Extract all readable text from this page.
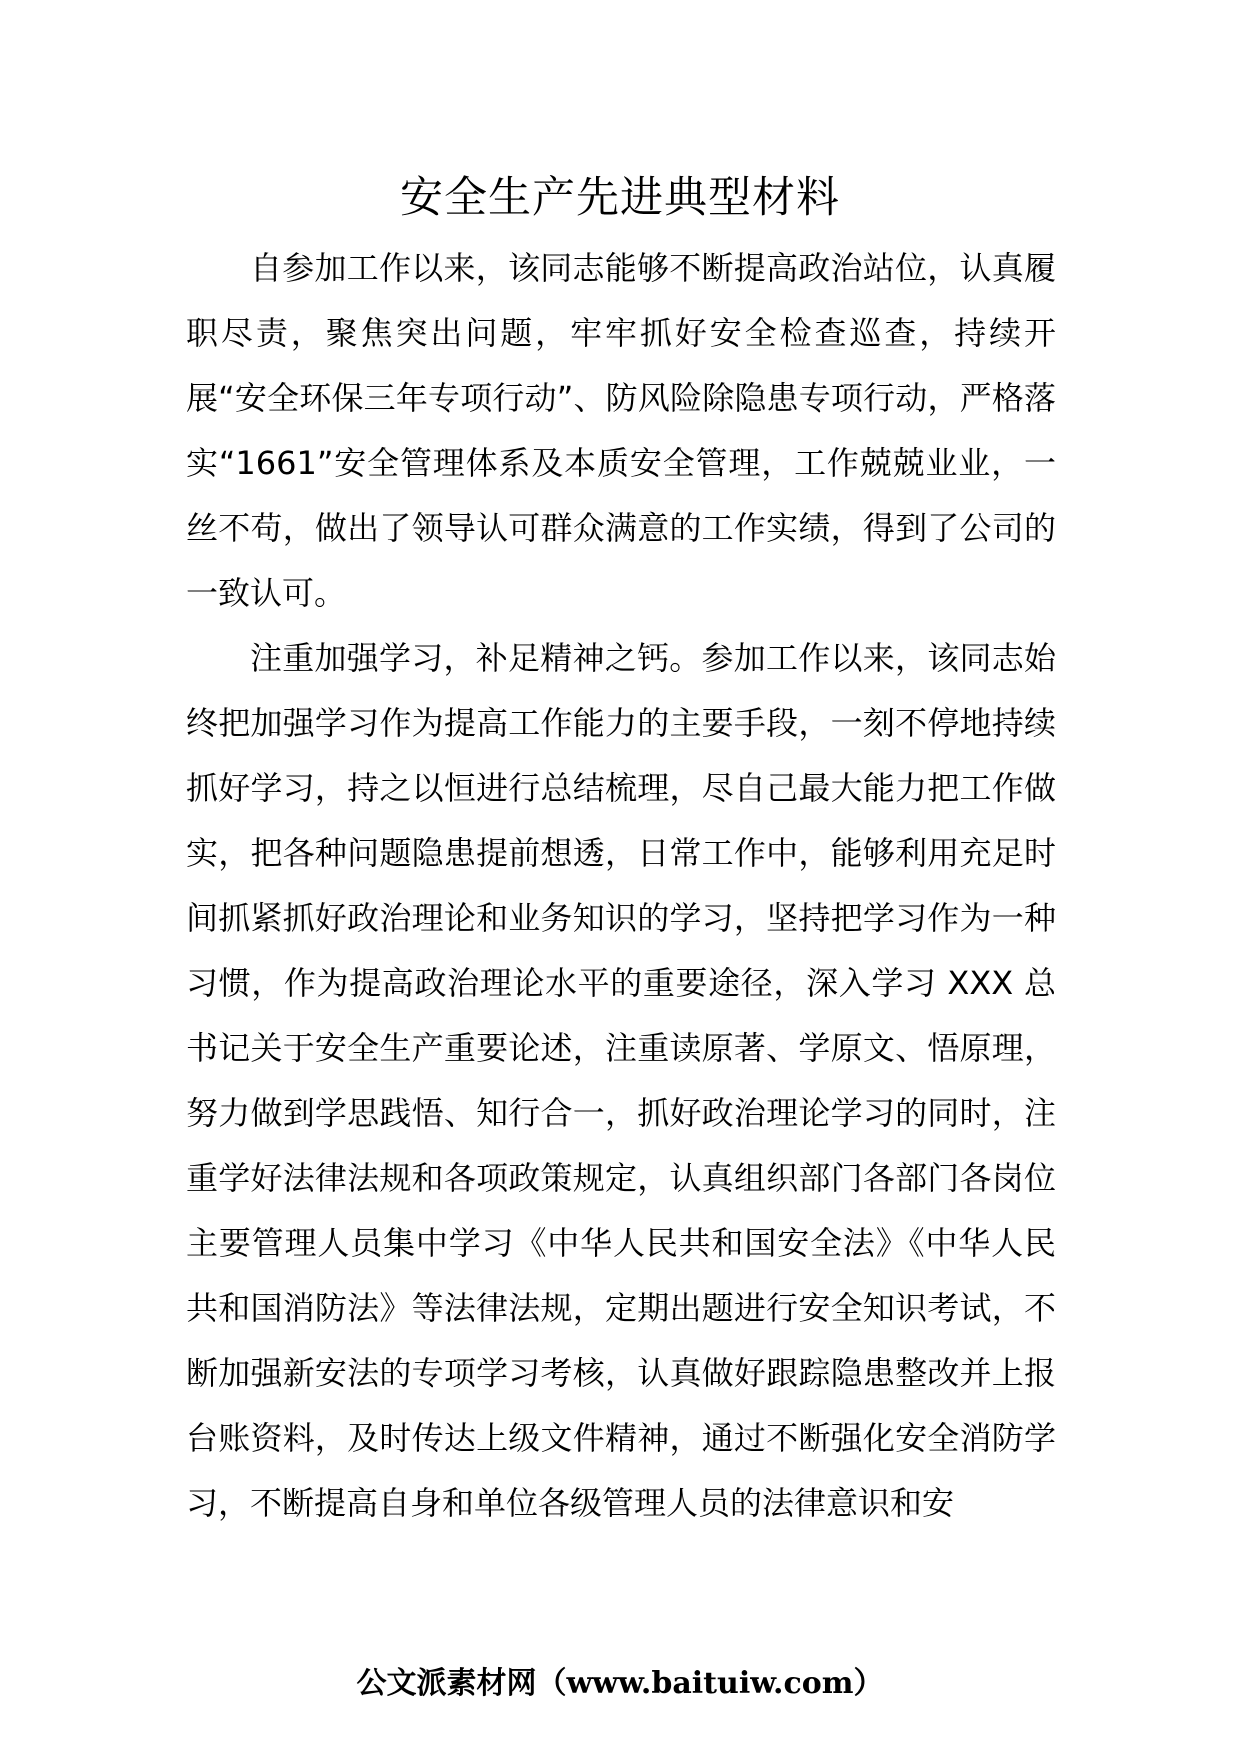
安全生产先进典型材料

自参加工作以来，该同志能够不断提高政治站位，认真履职尽责，聚焦突出问题，牢牢抓好安全检查巡查，持续开展“安全环保三年专项行动”、防风险除隐患专项行动，严格落实“1661”安全管理体系及本质安全管理，工作兢兢业业，一丝不苟，做出了领导认可群众满意的工作实绩，得到了公司的一致认可。

注重加强学习，补足精神之钙。参加工作以来，该同志始终把加强学习作为提高工作能力的主要手段，一刻不停地持续抓好学习，持之以恒进行总结梳理，尽自己最大能力把工作做实，把各种问题隐患提前想透，日常工作中，能够利用充足时间抓紧抓好政治理论和业务知识的学习，坚持把学习作为一种习惯，作为提高政治理论水平的重要途径，深入学习 XXX 总书记关于安全生产重要论述，注重读原著、学原文、悟原理，努力做到学思践悟、知行合一，抓好政治理论学习的同时，注重学好法律法规和各项政策规定，认真组织部门各部门各岗位主要管理人员集中学习《中华人民共和国安全法》《中华人民共和国消防法》等法律法规，定期出题进行安全知识考试，不断加强新安法的专项学习考核，认真做好跟踪隐患整改并上报台账资料，及时传达上级文件精神，通过不断强化安全消防学习，不断提高自身和单位各级管理人员的法律意识和安

公文派素材网（www.baituiw.com）
